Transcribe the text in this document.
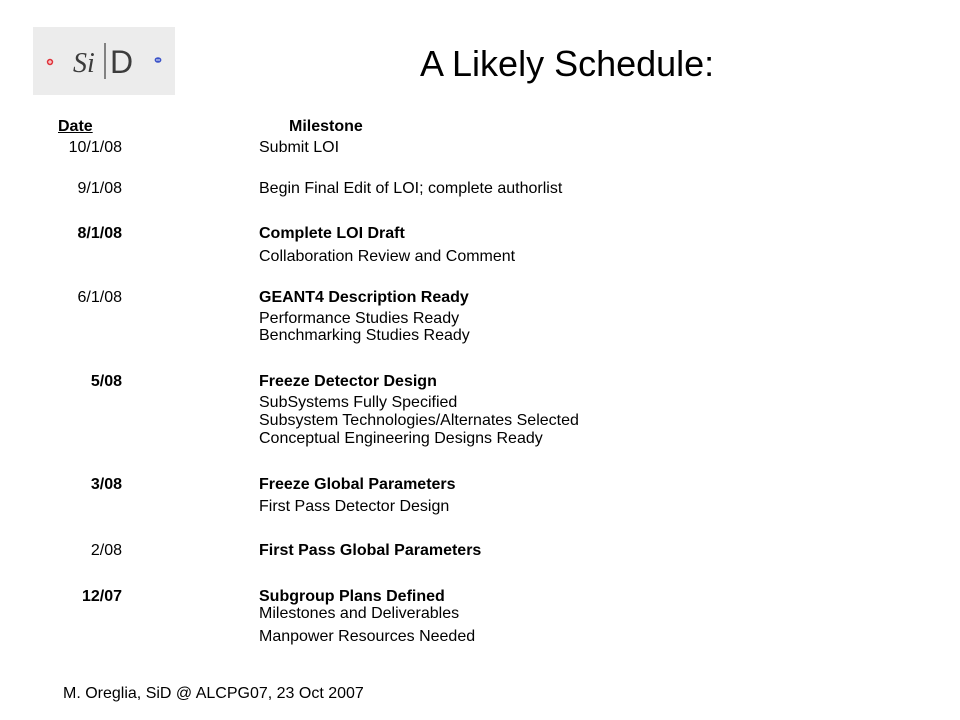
Si D	A Likely Schedule:
Date	Milestone
10/1/08	Submit LOI
9/1/08	Begin Final Edit of LOI; complete authorlist
8/1/08	Complete LOI Draft
Collaboration Review and Comment
6/1/08	GEANT4 Description Ready
Performance Studies Ready
Benchmarking Studies Ready
5/08	Freeze Detector Design
SubSystems Fully Specified
Subsystem Technologies/Alternates Selected
Conceptual Engineering Designs Ready
3/08	Freeze Global Parameters
First Pass Detector Design
2/08	First Pass Global Parameters
12/07	Subgroup Plans Defined
Milestones and Deliverables
Manpower Resources Needed
M. Oreglia, SiD @ ALCPG07, 23 Oct 2007
